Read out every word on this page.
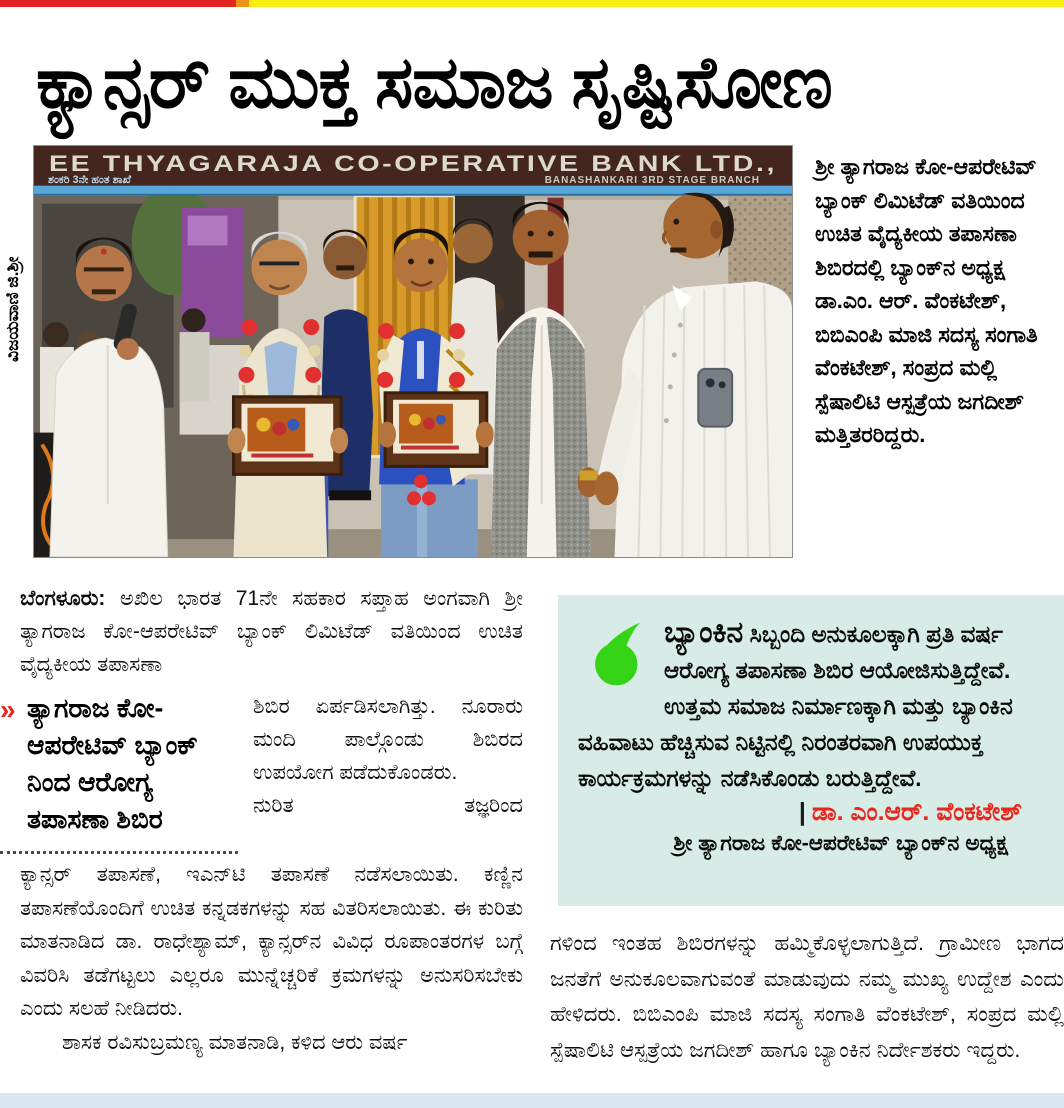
ಕ್ಯಾನ್ಸರ್ ಮುಕ್ತ ಸಮಾಜ ಸೃಷ್ಟಿಸೋಣ
ವಿಜಯವಾಣಿ ಜಿ.ಶ್ರೀ
EE THYAGARAJA CO-OPERATIVE BANK LTD.,
BANASHANKARI 3RD STAGE BRANCH
ಶಂಕರಿ 3ನೇ ಹಂತ ಶಾಖೆ
ಶ್ರೀ ತ್ಯಾಗರಾಜ ಕೋ-ಆಪರೇಟಿವ್ ಬ್ಯಾಂಕ್ ಲಿಮಿಟೆಡ್ ವತಿಯಿಂದ ಉಚಿತ ವೈದ್ಯಕೀಯ ತಪಾಸಣಾ ಶಿಬಿರದಲ್ಲಿ ಬ್ಯಾಂಕ್‌ನ ಅಧ್ಯಕ್ಷ ಡಾ.ಎಂ. ಆರ್. ವೆಂಕಟೇಶ್, ಬಿಬಿಎಂಪಿ ಮಾಜಿ ಸದಸ್ಯ ಸಂಗಾತಿ ವೆಂಕಟೇಶ್, ಸಂಪ್ರದ ಮಲ್ಲಿ ಸ್ಪೆಷಾಲಿಟಿ ಆಸ್ಪತ್ರೆಯ ಜಗದೀಶ್ ಮತ್ತಿತರರಿದ್ದರು.

ಬೆಂಗಳೂರು: ಅಖಿಲ ಭಾರತ 71ನೇ ಸಹಕಾರ ಸಪ್ತಾಹ ಅಂಗವಾಗಿ ಶ್ರೀ ತ್ಯಾಗರಾಜ ಕೋ-ಆಪರೇಟಿವ್ ಬ್ಯಾಂಕ್ ಲಿಮಿಟೆಡ್ ವತಿಯಿಂದ ಉಚಿತ ವೈದ್ಯಕೀಯ ತಪಾಸಣಾ

» ತ್ಯಾಗರಾಜ ಕೋ-ಆಪರೇಟಿವ್ ಬ್ಯಾಂಕ್ ನಿಂದ ಆರೋಗ್ಯ ತಪಾಸಣಾ ಶಿಬಿರ
ಶಿಬಿರ ಏರ್ಪಡಿಸಲಾಗಿತ್ತು. ನೂರಾರು ಮಂದಿ ಪಾಲ್ಗೊಂಡು ಶಿಬಿರದ ಉಪಯೋಗ ಪಡೆದುಕೊಂಡರು.
ನುರಿತ	ತಜ್ಞರಿಂದ
ಕ್ಯಾನ್ಸರ್ ತಪಾಸಣೆ, ಇಎನ್‌ಟಿ ತಪಾಸಣೆ ನಡೆಸಲಾಯಿತು. ಕಣ್ಣಿನ ತಪಾಸಣೆಯೊಂದಿಗೆ ಉಚಿತ ಕನ್ನಡಕಗಳನ್ನು ಸಹ ವಿತರಿಸಲಾಯಿತು. ಈ ಕುರಿತು ಮಾತನಾಡಿದ ಡಾ. ರಾಧೇಶ್ಯಾಮ್, ಕ್ಯಾನ್ಸರ್‌ನ ವಿವಿಧ ರೂಪಾಂತರಗಳ ಬಗ್ಗೆ ವಿವರಿಸಿ ತಡೆಗಟ್ಟಲು ಎಲ್ಲರೂ ಮುನ್ನೆಚ್ಚರಿಕೆ ಕ್ರಮಗಳನ್ನು ಅನುಸರಿಸಬೇಕು ಎಂದು ಸಲಹೆ ನೀಡಿದರು.
ಶಾಸಕ ರವಿಸುಬ್ರಮಣ್ಯ ಮಾತನಾಡಿ, ಕಳಿದ ಆರು ವರ್ಷ
ಬ್ಯಾಂಕಿನ ಸಿಬ್ಬಂದಿ ಅನುಕೂಲಕ್ಕಾಗಿ ಪ್ರತಿ ವರ್ಷ ಆರೋಗ್ಯ ತಪಾಸಣಾ ಶಿಬಿರ ಆಯೋಜಿಸುತ್ತಿದ್ದೇವೆ. ಉತ್ತಮ ಸಮಾಜ ನಿರ್ಮಾಣಕ್ಕಾಗಿ ಮತ್ತು ಬ್ಯಾಂಕಿನ ವಹಿವಾಟು ಹೆಚ್ಚಿಸುವ ನಿಟ್ಟಿನಲ್ಲಿ ನಿರಂತರವಾಗಿ ಉಪಯುಕ್ತ ಕಾರ್ಯಕ್ರಮಗಳನ್ನು ನಡೆಸಿಕೊಂಡು ಬರುತ್ತಿದ್ದೇವೆ.
| ಡಾ. ಎಂ.ಆರ್. ವೆಂಕಟೇಶ್
ಶ್ರೀ ತ್ಯಾಗರಾಜ ಕೋ-ಆಪರೇಟಿವ್ ಬ್ಯಾಂಕ್‌ನ ಅಧ್ಯಕ್ಷ

ಗಳಿಂದ ಇಂತಹ ಶಿಬಿರಗಳನ್ನು ಹಮ್ಮಿಕೊಳ್ಳಲಾಗುತ್ತಿದೆ. ಗ್ರಾಮೀಣ ಭಾಗದ ಜನತೆಗೆ ಅನುಕೂಲವಾಗುವಂತೆ ಮಾಡುವುದು ನಮ್ಮ ಮುಖ್ಯ ಉದ್ದೇಶ ಎಂದು ಹೇಳಿದರು. ಬಿಬಿಎಂಪಿ ಮಾಜಿ ಸದಸ್ಯ ಸಂಗಾತಿ ವೆಂಕಟೇಶ್, ಸಂಪ್ರದ ಮಲ್ಲಿ ಸ್ಪೆಷಾಲಿಟಿ ಆಸ್ಪತ್ರೆಯ ಜಗದೀಶ್ ಹಾಗೂ ಬ್ಯಾಂಕಿನ ನಿರ್ದೇಶಕರು ಇದ್ದರು.
